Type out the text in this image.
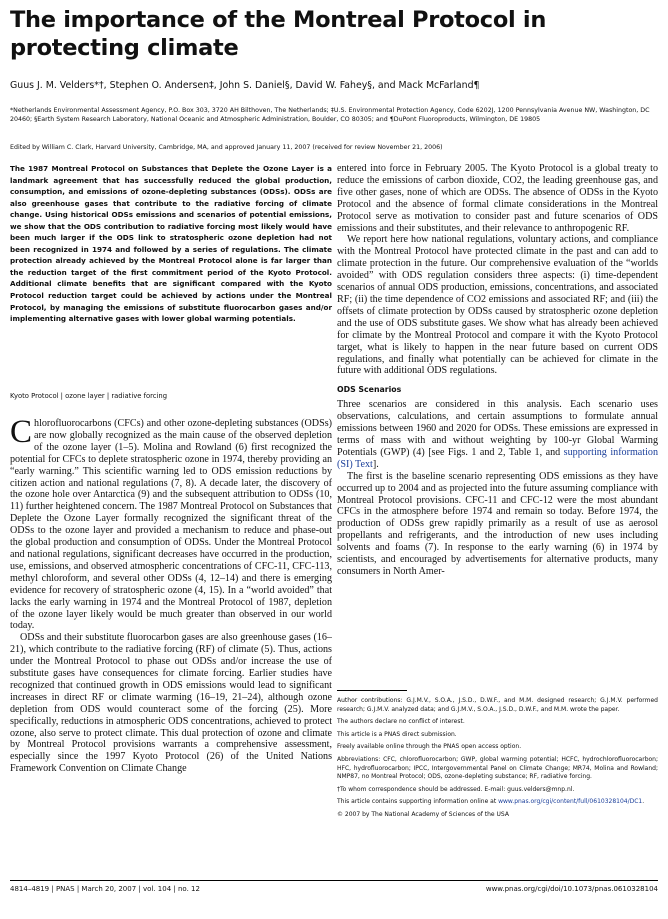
The importance of the Montreal Protocol in protecting climate
Guus J. M. Velders*†, Stephen O. Andersen‡, John S. Daniel§, David W. Fahey§, and Mack McFarland¶
*Netherlands Environmental Assessment Agency, P.O. Box 303, 3720 AH Bilthoven, The Netherlands; ‡U.S. Environmental Protection Agency, Code 6202J, 1200 Pennsylvania Avenue NW, Washington, DC 20460; §Earth System Research Laboratory, National Oceanic and Atmospheric Administration, Boulder, CO 80305; and ¶DuPont Fluoroproducts, Wilmington, DE 19805
Edited by William C. Clark, Harvard University, Cambridge, MA, and approved January 11, 2007 (received for review November 21, 2006)

The 1987 Montreal Protocol on Substances that Deplete the Ozone Layer is a landmark agreement that has successfully reduced the global production, consumption, and emissions of ozone-depleting substances (ODSs). ODSs are also greenhouse gases that contribute to the radiative forcing of climate change. Using historical ODSs emissions and scenarios of potential emissions, we show that the ODS contribution to radiative forcing most likely would have been much larger if the ODS link to stratospheric ozone depletion had not been recognized in 1974 and followed by a series of regulations. The climate protection already achieved by the Montreal Protocol alone is far larger than the reduction target of the first commitment period of the Kyoto Protocol. Additional climate benefits that are significant compared with the Kyoto Protocol reduction target could be achieved by actions under the Montreal Protocol, by managing the emissions of substitute fluorocarbon gases and/or implementing alternative gases with lower global warming potentials.

Kyoto Protocol | ozone layer | radiative forcing

Chlorofluorocarbons (CFCs) and other ozone-depleting substances (ODSs) are now globally recognized as the main cause of the observed depletion of the ozone layer (1–5). Molina and Rowland (6) first recognized the potential for CFCs to deplete stratospheric ozone in 1974, thereby providing an “early warning.” This scientific warning led to ODS emission reductions by citizen action and national regulations (7, 8). A decade later, the discovery of the ozone hole over Antarctica (9) and the subsequent attribution to ODSs (10, 11) further heightened concern. The 1987 Montreal Protocol on Substances that Deplete the Ozone Layer formally recognized the significant threat of the ODSs to the ozone layer and provided a mechanism to reduce and phase-out the global production and consumption of ODSs. Under the Montreal Protocol and national regulations, significant decreases have occurred in the production, use, emissions, and observed atmospheric concentrations of CFC-11, CFC-113, methyl chloroform, and several other ODSs (4, 12–14) and there is emerging evidence for recovery of stratospheric ozone (4, 15). In a “world avoided” that lacks the early warning in 1974 and the Montreal Protocol of 1987, depletion of the ozone layer likely would be much greater than observed in our world today.

ODSs and their substitute fluorocarbon gases are also greenhouse gases (16–21), which contribute to the radiative forcing (RF) of climate (5). Thus, actions under the Montreal Protocol to phase out ODSs and/or increase the use of substitute gases have consequences for climate forcing. Earlier studies have recognized that continued growth in ODS emissions would lead to significant increases in direct RF or climate warming (16–19, 21–24), although ozone depletion from ODS would counteract some of the forcing (25). More specifically, reductions in atmospheric ODS concentrations, achieved to protect ozone, also serve to protect climate. This dual protection of ozone and climate by Montreal Protocol provisions warrants a comprehensive assessment, especially since the 1997 Kyoto Protocol (26) of the United Nations Framework Convention on Climate Change

entered into force in February 2005. The Kyoto Protocol is a global treaty to reduce the emissions of carbon dioxide, CO2, the leading greenhouse gas, and five other gases, none of which are ODSs. The absence of ODSs in the Kyoto Protocol and the absence of formal climate considerations in the Montreal Protocol serve as motivation to consider past and future scenarios of ODS emissions and their substitutes, and their relevance to anthropogenic RF.

We report here how national regulations, voluntary actions, and compliance with the Montreal Protocol have protected climate in the past and can add to climate protection in the future. Our comprehensive evaluation of the “worlds avoided” with ODS regulation considers three aspects: (i) time-dependent scenarios of annual ODS production, emissions, concentrations, and associated RF; (ii) the time dependence of CO2 emissions and associated RF; and (iii) the offsets of climate protection by ODSs caused by stratospheric ozone depletion and the use of ODS substitute gases. We show what has already been achieved for climate by the Montreal Protocol and compare it with the Kyoto Protocol target, what is likely to happen in the near future based on current ODS regulations, and finally what potentially can be achieved for climate in the future with additional ODS regulations.

ODS Scenarios

Three scenarios are considered in this analysis. Each scenario uses observations, calculations, and certain assumptions to formulate annual emissions between 1960 and 2020 for ODSs. These emissions are expressed in terms of mass with and without weighting by 100-yr Global Warming Potentials (GWP) (4) [see Figs. 1 and 2, Table 1, and supporting information (SI) Text].

The first is the baseline scenario representing ODS emissions as they have occurred up to 2004 and as projected into the future assuming compliance with Montreal Protocol provisions. CFC-11 and CFC-12 were the most abundant CFCs in the atmosphere before 1974 and remain so today. Before 1974, the production of ODSs grew rapidly primarily as a result of use as aerosol propellants and refrigerants, and the introduction of new uses including solvents and foams (7). In response to the early warning (6) in 1974 by scientists, and encouraged by advertisements for alternative products, many consumers in North Amer-

Author contributions: G.J.M.V., S.O.A., J.S.D., D.W.F., and M.M. designed research; G.J.M.V. performed research; G.J.M.V. analyzed data; and G.J.M.V., S.O.A., J.S.D., D.W.F., and M.M. wrote the paper.

The authors declare no conflict of interest.

This article is a PNAS direct submission.

Freely available online through the PNAS open access option.

Abbreviations: CFC, chlorofluorocarbon; GWP, global warming potential; HCFC, hydrochlorofluorocarbon; HFC, hydrofluorocarbon; IPCC, Intergovernmental Panel on Climate Change; MR74, Molina and Rowland; NMP87, no Montreal Protocol; ODS, ozone-depleting substance; RF, radiative forcing.

†To whom correspondence should be addressed. E-mail: guus.velders@mnp.nl.

This article contains supporting information online at www.pnas.org/cgi/content/full/0610328104/DC1.

© 2007 by The National Academy of Sciences of the USA

4814–4819 | PNAS | March 20, 2007 | vol. 104 | no. 12	www.pnas.org/cgi/doi/10.1073/pnas.0610328104
